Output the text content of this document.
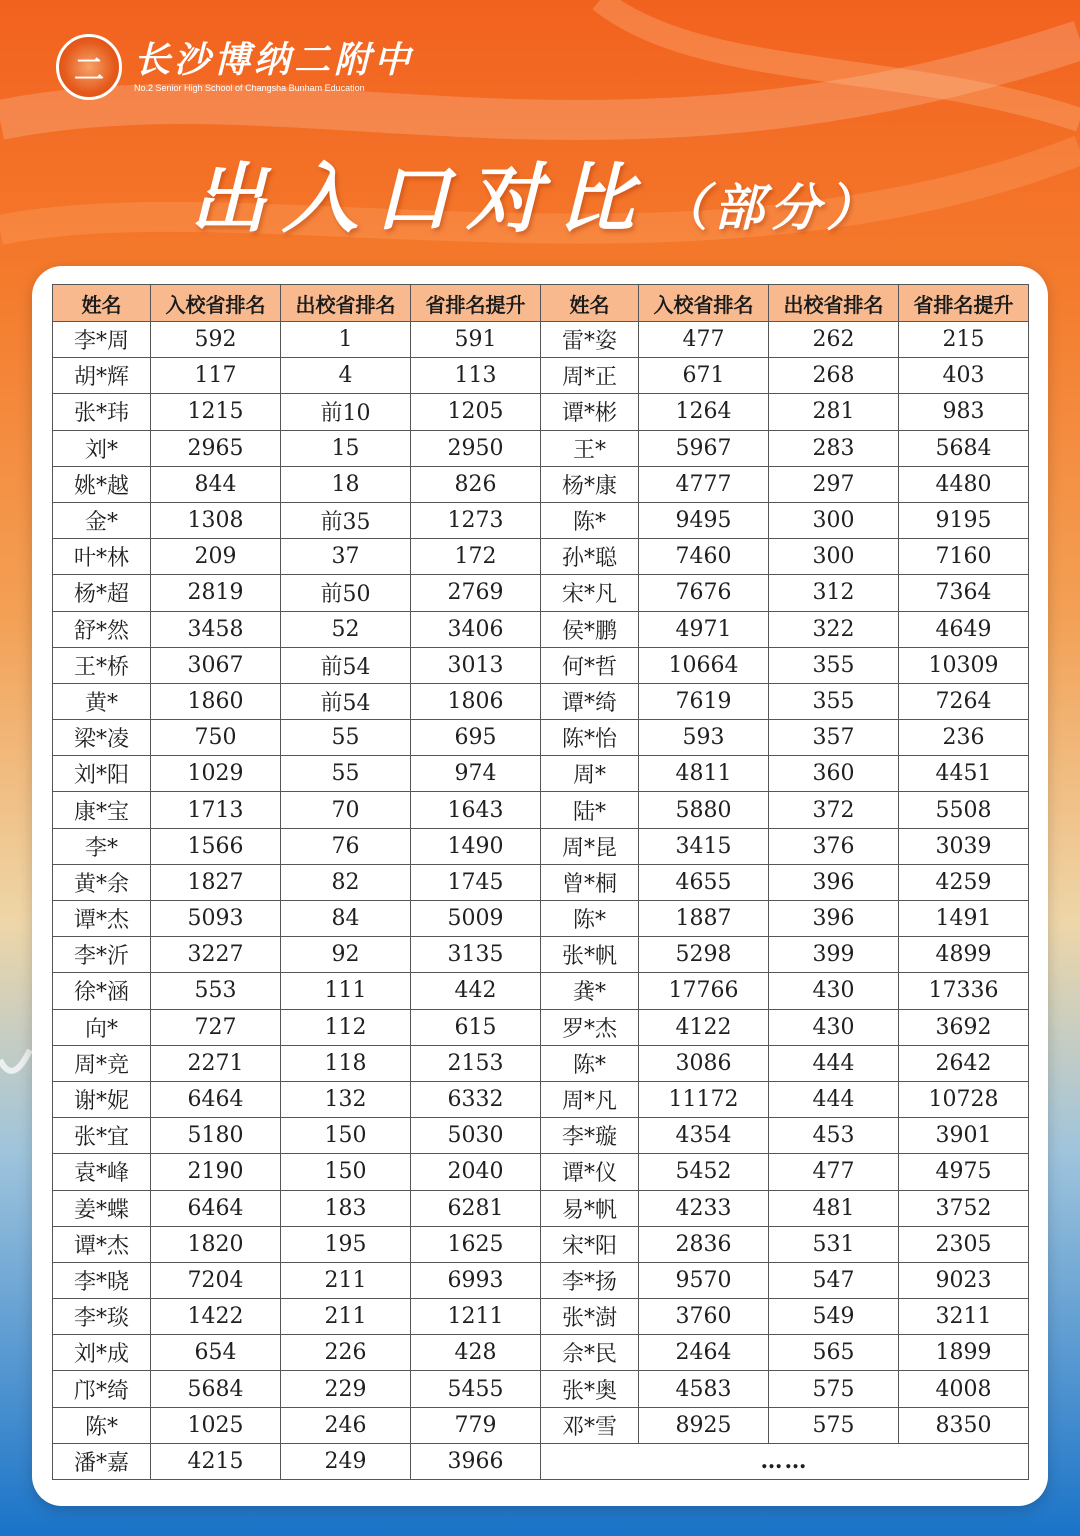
二 长沙博纳二附中
No.2 Senior High School of Changsha Bunham Education
出入口对比 （部分）
姓名	入校省排名	出校省排名	省排名提升	姓名	入校省排名	出校省排名	省排名提升
李*周	592	1	591	雷*姿	477	262	215
胡*辉	117	4	113	周*正	671	268	403
张*玮	1215	前10	1205	谭*彬	1264	281	983
刘*	2965	15	2950	王*	5967	283	5684
姚*越	844	18	826	杨*康	4777	297	4480
金*	1308	前35	1273	陈*	9495	300	9195
叶*林	209	37	172	孙*聪	7460	300	7160
杨*超	2819	前50	2769	宋*凡	7676	312	7364
舒*然	3458	52	3406	侯*鹏	4971	322	4649
王*桥	3067	前54	3013	何*哲	10664	355	10309
黄*	1860	前54	1806	谭*绮	7619	355	7264
梁*凌	750	55	695	陈*怡	593	357	236
刘*阳	1029	55	974	周*	4811	360	4451
康*宝	1713	70	1643	陆*	5880	372	5508
李*	1566	76	1490	周*昆	3415	376	3039
黄*余	1827	82	1745	曾*桐	4655	396	4259
谭*杰	5093	84	5009	陈*	1887	396	1491
李*沂	3227	92	3135	张*帆	5298	399	4899
徐*涵	553	111	442	龚*	17766	430	17336
向*	727	112	615	罗*杰	4122	430	3692
周*竞	2271	118	2153	陈*	3086	444	2642
谢*妮	6464	132	6332	周*凡	11172	444	10728
张*宜	5180	150	5030	李*璇	4354	453	3901
袁*峰	2190	150	2040	谭*仪	5452	477	4975
姜*蝶	6464	183	6281	易*帆	4233	481	3752
谭*杰	1820	195	1625	宋*阳	2836	531	2305
李*晓	7204	211	6993	李*扬	9570	547	9023
李*琰	1422	211	1211	张*澍	3760	549	3211
刘*成	654	226	428	佘*民	2464	565	1899
邝*绮	5684	229	5455	张*奥	4583	575	4008
陈*	1025	246	779	邓*雪	8925	575	8350
潘*嘉	4215	249	3966	……			
